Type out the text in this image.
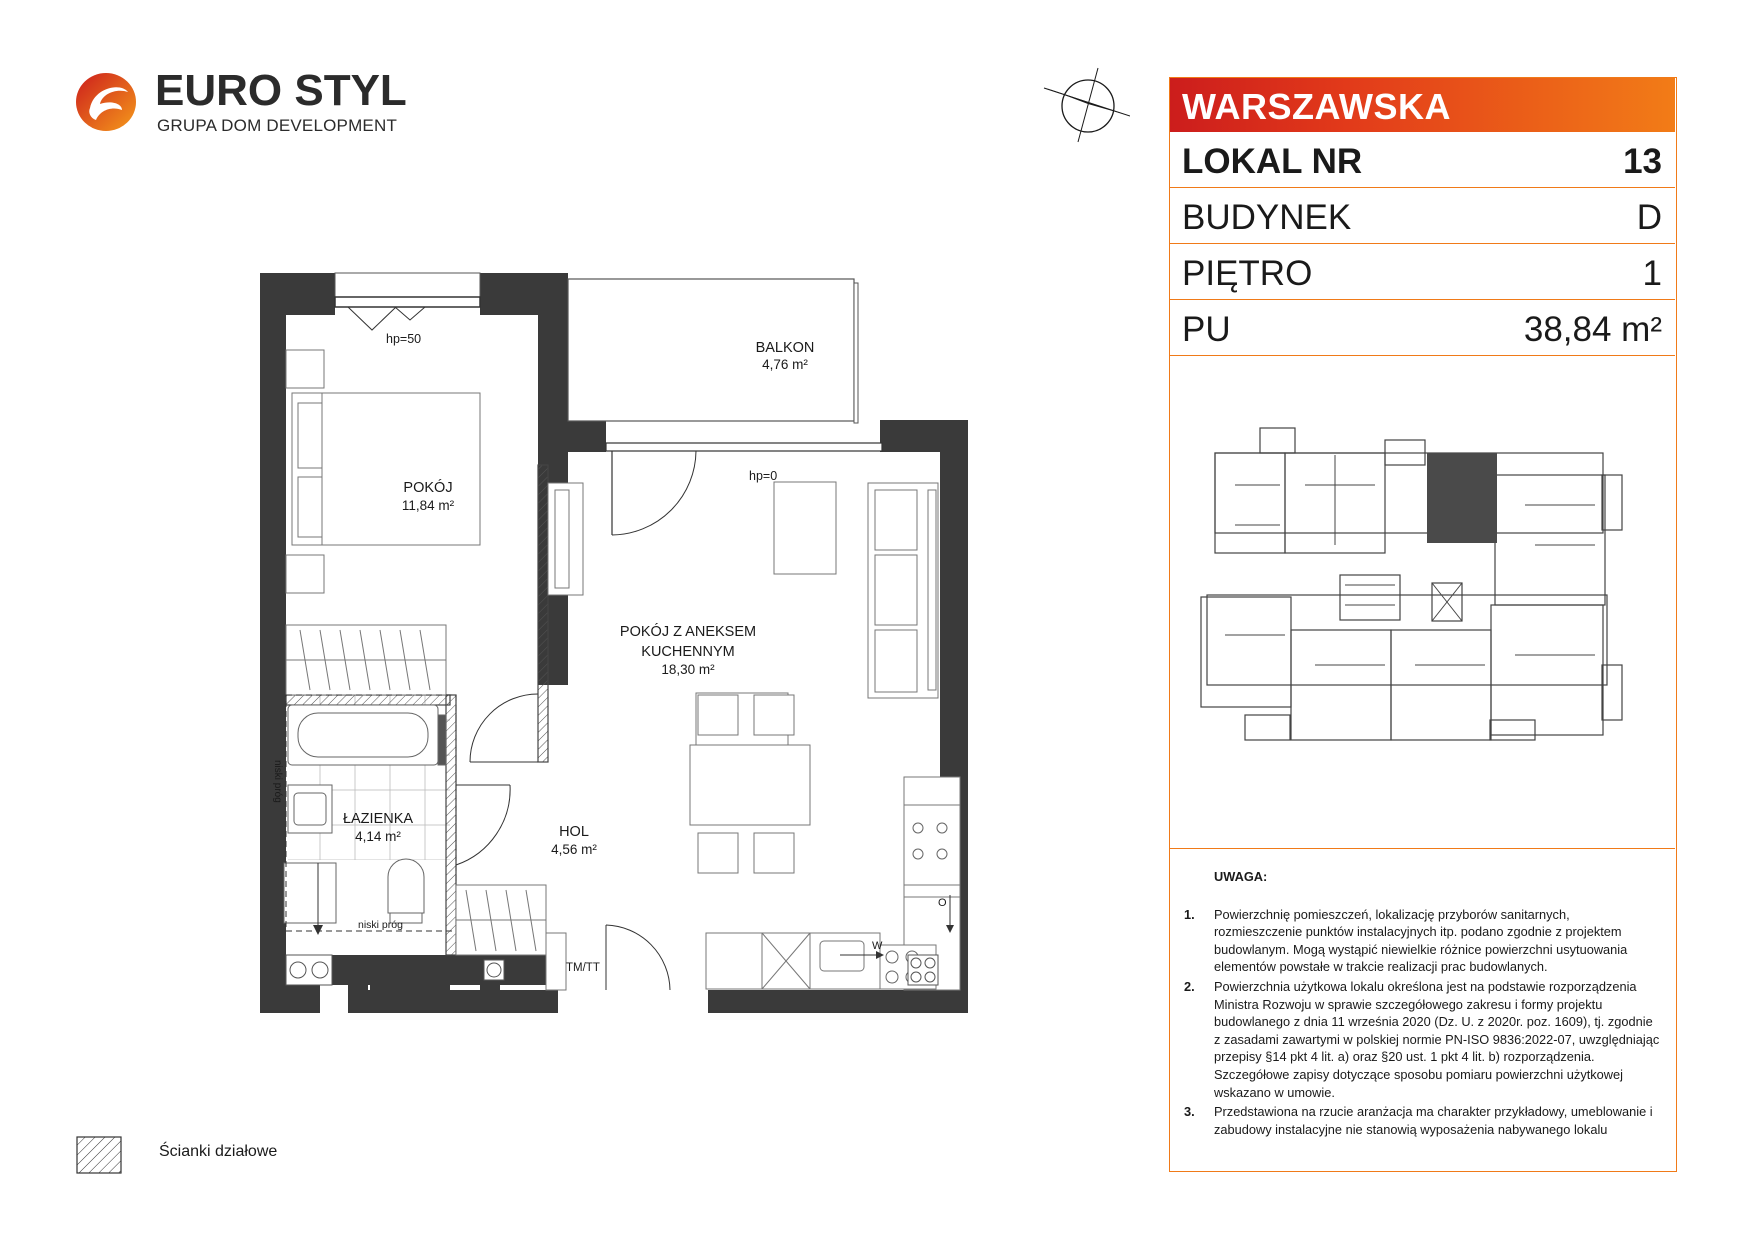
EURO STYL
GRUPA DOM DEVELOPMENT
hp=50
BALKON
4,76 m²
hp=0
POKÓJ
11,84 m²
POKÓJ Z ANEKSEM
KUCHENNYM
18,30 m²
ŁAZIENKA
4,14 m²	HOL
4,56 m²
niski próg
niski próg
TM/TT
W
O
WARSZAWSKA
LOKAL NR	13
BUDYNEK	D
PIĘTRO	1
PU	38,84 m²
UWAGA:
1. Powierzchnię pomieszczeń, lokalizację przyborów sanitarnych, rozmieszczenie punktów instalacyjnych itp. podano zgodnie z projektem budowlanym. Mogą wystąpić niewielkie różnice powierzchni usytuowania elementów powstałe w trakcie realizacji prac budowlanych.
2. Powierzchnia użytkowa lokalu określona jest na podstawie rozporządzenia Ministra Rozwoju w sprawie szczegółowego zakresu i formy projektu budowlanego z dnia 11 września 2020 (Dz. U. z 2020r. poz. 1609), tj. zgodnie z zasadami zawartymi w polskiej normie PN-ISO 9836:2022-07, uwzględniając przepisy §14 pkt 4 lit. a) oraz §20 ust. 1 pkt 4 lit. b) rozporządzenia. Szczegółowe zapisy dotyczące sposobu pomiaru powierzchni użytkowej wskazano w umowie.
3. Przedstawiona na rzucie aranżacja ma charakter przykładowy, umeblowanie i zabudowy instalacyjne nie stanowią wyposażenia nabywanego lokalu
Ścianki działowe
